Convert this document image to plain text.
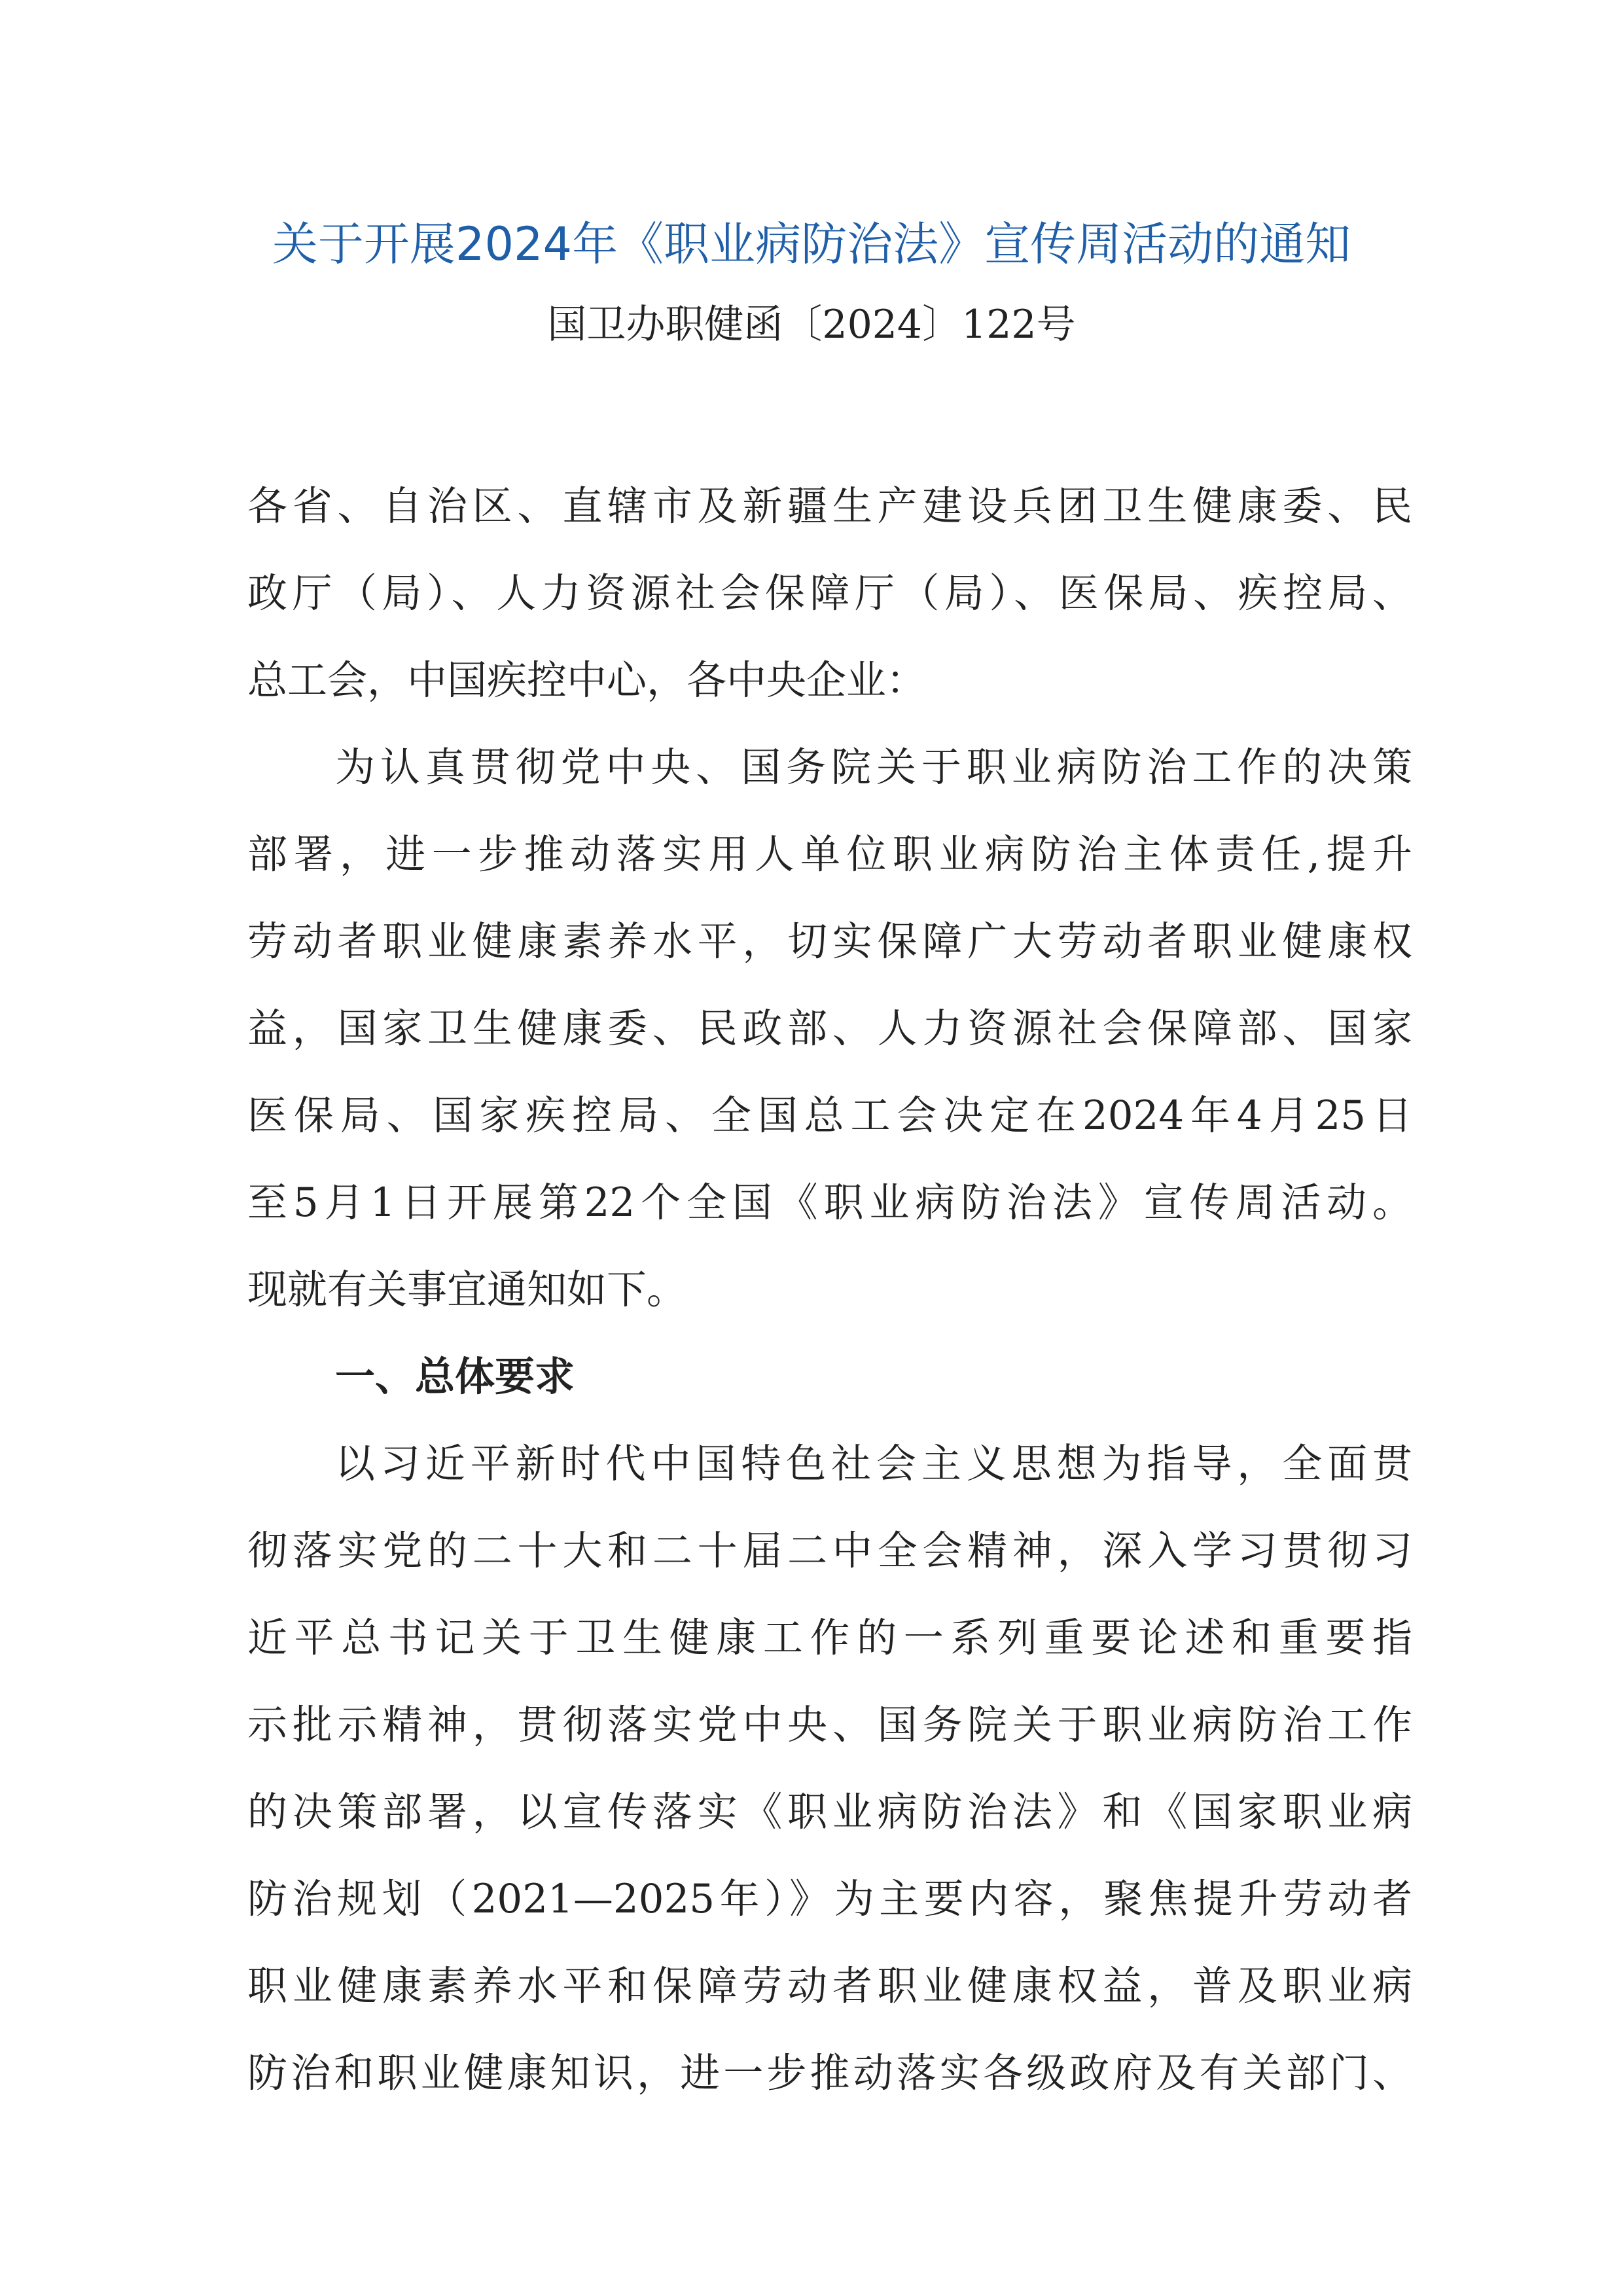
关于开展2024年《职业病防治法》宣传周活动的通知
国卫办职健函〔2024〕122号
各省、自治区、直辖市及新疆生产建设兵团卫生健康委、民
政厅（局）、人力资源社会保障厅（局）、医保局、疾控局、
总工会，中国疾控中心，各中央企业：
为认真贯彻党中央、国务院关于职业病防治工作的决策
部署，进一步推动落实用人单位职业病防治主体责任,提升
劳动者职业健康素养水平，切实保障广大劳动者职业健康权
益，国家卫生健康委、民政部、人力资源社会保障部、国家
医保局、国家疾控局、全国总工会决定在2024年4月25日
至5月1日开展第22个全国《职业病防治法》宣传周活动。
现就有关事宜通知如下。
一、总体要求
以习近平新时代中国特色社会主义思想为指导，全面贯
彻落实党的二十大和二十届二中全会精神，深入学习贯彻习
近平总书记关于卫生健康工作的一系列重要论述和重要指
示批示精神，贯彻落实党中央、国务院关于职业病防治工作
的决策部署，以宣传落实《职业病防治法》和《国家职业病
防治规划（2021—2025年）》为主要内容，聚焦提升劳动者
职业健康素养水平和保障劳动者职业健康权益，普及职业病
防治和职业健康知识，进一步推动落实各级政府及有关部门、
